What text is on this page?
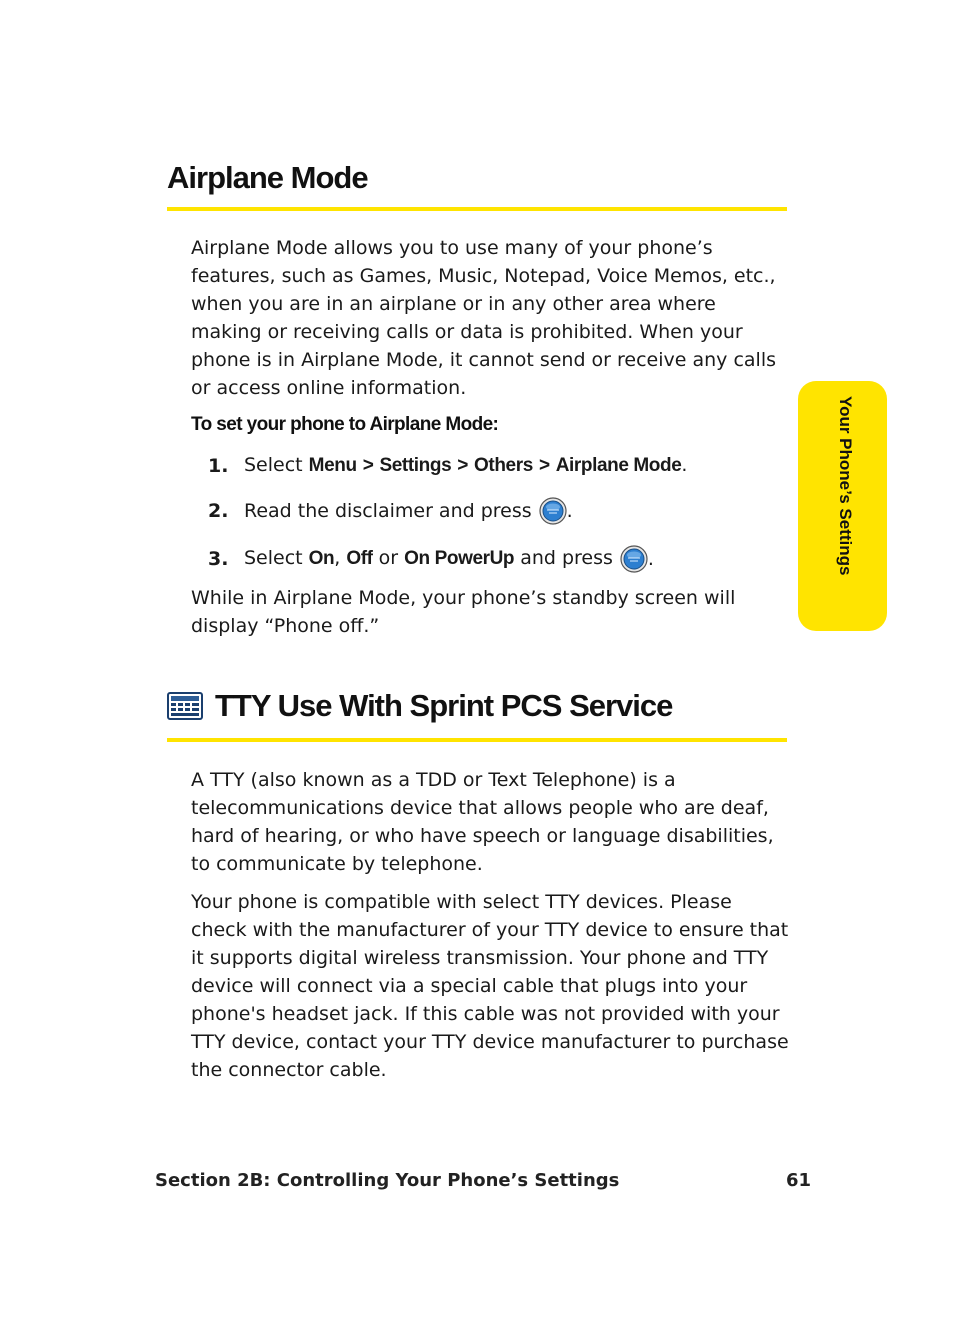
Airplane Mode

Airplane Mode allows you to use many of your phone’s features, such as Games, Music, Notepad, Voice Memos, etc., when you are in an airplane or in any other area where making or receiving calls or data is prohibited. When your phone is in Airplane Mode, it cannot send or receive any calls or access online information.

To set your phone to Airplane Mode:

1. Select Menu > Settings > Others > Airplane Mode.
2. Read the disclaimer and press .
3. Select On, Off or On PowerUp and press .

While in Airplane Mode, your phone’s standby screen will display “Phone off.”

TTY Use With Sprint PCS Service

A TTY (also known as a TDD or Text Telephone) is a telecommunications device that allows people who are deaf, hard of hearing, or who have speech or language disabilities, to communicate by telephone.

Your phone is compatible with select TTY devices. Please check with the manufacturer of your TTY device to ensure that it supports digital wireless transmission. Your phone and TTY device will connect via a special cable that plugs into your phone's headset jack. If this cable was not provided with your TTY device, contact your TTY device manufacturer to purchase the connector cable.

Your Phone’s Settings
Section 2B: Controlling Your Phone’s Settings	61
